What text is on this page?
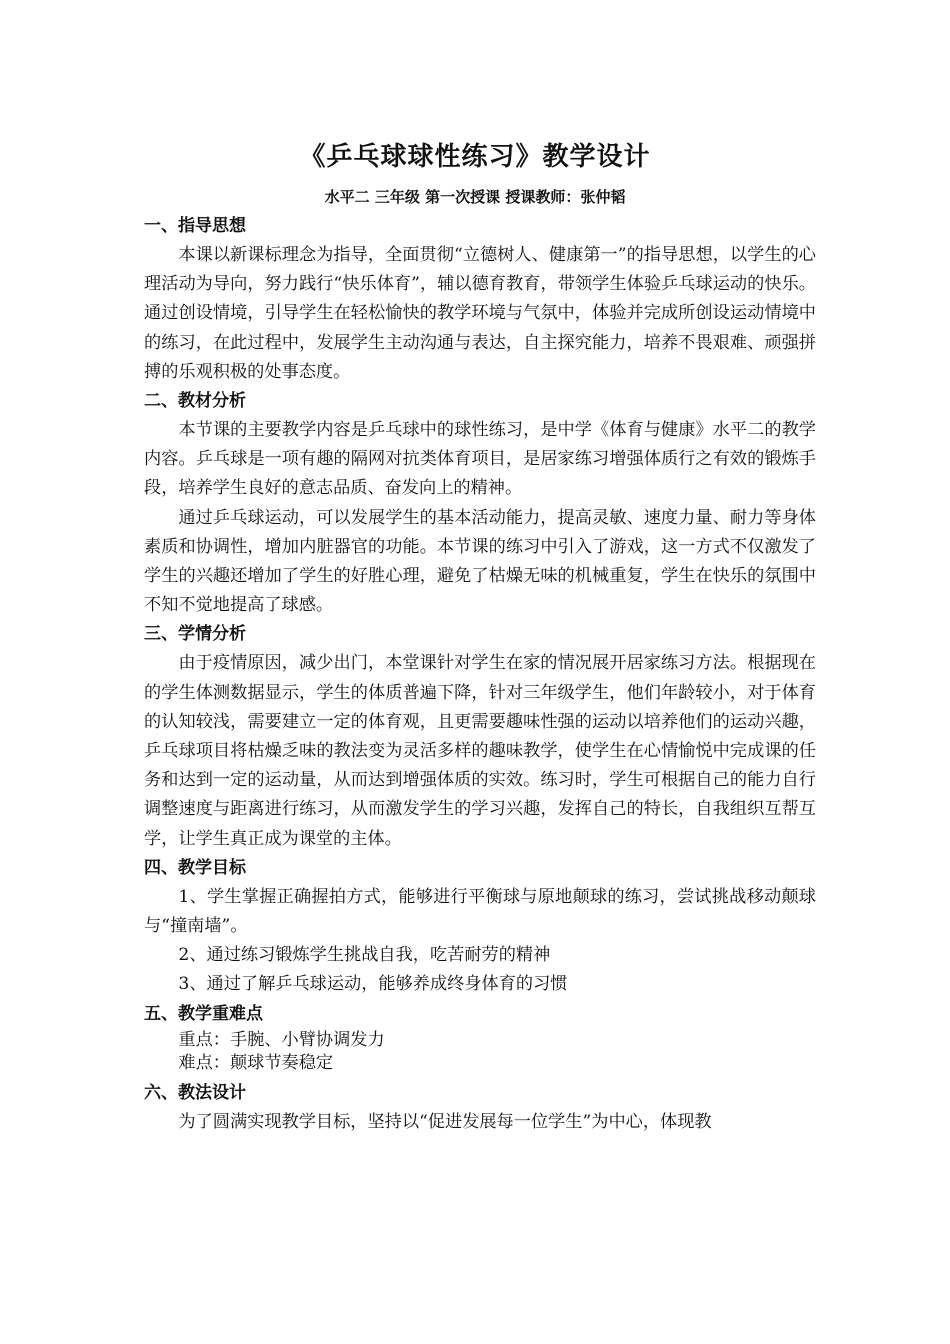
《乒乓球球性练习》教学设计
水平二 三年级 第一次授课 授课教师：张仲韬

一、指导思想

本课以新课标理念为指导，全面贯彻“立德树人、健康第一”的指导思想，以学生的心理活动为导向，努力践行“快乐体育”，辅以德育教育，带领学生体验乒乓球运动的快乐。通过创设情境，引导学生在轻松愉快的教学环境与气氛中，体验并完成所创设运动情境中的练习，在此过程中，发展学生主动沟通与表达，自主探究能力，培养不畏艰难、顽强拼搏的乐观积极的处事态度。

二、教材分析

本节课的主要教学内容是乒乓球中的球性练习，是中学《体育与健康》水平二的教学内容。乒乓球是一项有趣的隔网对抗类体育项目，是居家练习增强体质行之有效的锻炼手段，培养学生良好的意志品质、奋发向上的精神。

通过乒乓球运动，可以发展学生的基本活动能力，提高灵敏、速度力量、耐力等身体素质和协调性，增加内脏器官的功能。本节课的练习中引入了游戏，这一方式不仅激发了学生的兴趣还增加了学生的好胜心理，避免了枯燥无味的机械重复，学生在快乐的氛围中不知不觉地提高了球感。

三、学情分析

由于疫情原因，减少出门，本堂课针对学生在家的情况展开居家练习方法。根据现在的学生体测数据显示，学生的体质普遍下降，针对三年级学生，他们年龄较小，对于体育的认知较浅，需要建立一定的体育观，且更需要趣味性强的运动以培养他们的运动兴趣，乒乓球项目将枯燥乏味的教法变为灵活多样的趣味教学，使学生在心情愉悦中完成课的任务和达到一定的运动量，从而达到增强体质的实效。练习时，学生可根据自己的能力自行调整速度与距离进行练习，从而激发学生的学习兴趣，发挥自己的特长，自我组织互帮互学，让学生真正成为课堂的主体。

四、教学目标

1、学生掌握正确握拍方式，能够进行平衡球与原地颠球的练习，尝试挑战移动颠球与“撞南墙”。

2、通过练习锻炼学生挑战自我，吃苦耐劳的精神

3、通过了解乒乓球运动，能够养成终身体育的习惯

五、教学重难点

重点：手腕、小臂协调发力

难点：颠球节奏稳定

六、教法设计

为了圆满实现教学目标，坚持以“促进发展每一位学生”为中心，体现教
